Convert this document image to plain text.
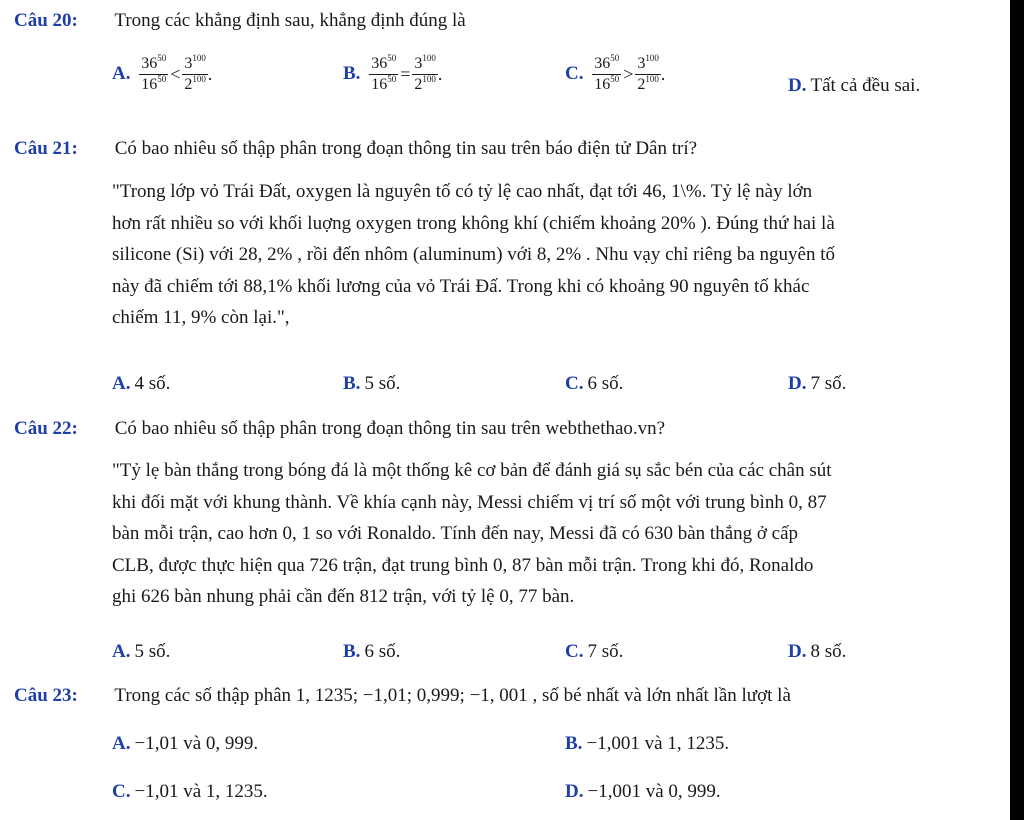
Câu 20: Trong các khẳng định sau, khẳng định đúng là
A. $\frac{36^{50}}{16^{50}} < \frac{3^{100}}{2^{100}}$ .	B. $\frac{36^{50}}{16^{50}} = \frac{3^{100}}{2^{100}}$ .	C. $\frac{36^{50}}{16^{50}} > \frac{3^{100}}{2^{100}}$ .
D. Tất cả đều sai.
Câu 21: Có bao nhiêu số thập phân trong đoạn thông tin sau trên báo điện tử Dân trí?
"Trong lớp vỏ Trái Đất, oxygen là nguyên tố có tỷ lệ cao nhất, đạt tới 46, 1\%. Tỷ lệ này lớn
hơn rất nhiều so với khối luợng oxygen trong không khí (chiếm khoảng 20% ). Đúng thứ hai là
silicone (Si) với 28, 2% , rồi đến nhôm (aluminum) với 8, 2% . Nhu vạy chỉ riêng ba nguyên tố
này đã chiếm tới 88,1% khối lương của vỏ Trái Đấ. Trong khi có khoảng 90 nguyên tố khác
chiếm 11, 9% còn lại.",
A. 4 số.	B. 5 số.	C. 6 số.	D. 7 số.
Câu 22: Có bao nhiêu số thập phân trong đoạn thông tin sau trên webthethao.vn?
"Tỷ lẹ bàn thắng trong bóng đá là một thống kê cơ bản để đánh giá sụ sắc bén của các chân sút
khi đối mặt với khung thành. Về khía cạnh này, Messi chiếm vị trí số một với trung bình 0, 87
bàn mỗi trận, cao hơn 0, 1 so với Ronaldo. Tính đến nay, Messi đã có 630 bàn thắng ở cấp
CLB, được thực hiện qua 726 trận, đạt trung bình 0, 87 bàn mỗi trận. Trong khi đó, Ronaldo
ghi 626 bàn nhung phải cần đến 812 trận, với tỷ lệ 0, 77 bàn.
A. 5 số.	B. 6 số.	C. 7 số.	D. 8 số.
Câu 23: Trong các số thập phân 1, 1235; −1,01; 0,999; −1, 001 , số bé nhất và lớn nhất lần lượt là
A. −1,01 và 0, 999.	B. −1,001 và 1, 1235.
C. −1,01 và 1, 1235.	D. −1,001 và 0, 999.
